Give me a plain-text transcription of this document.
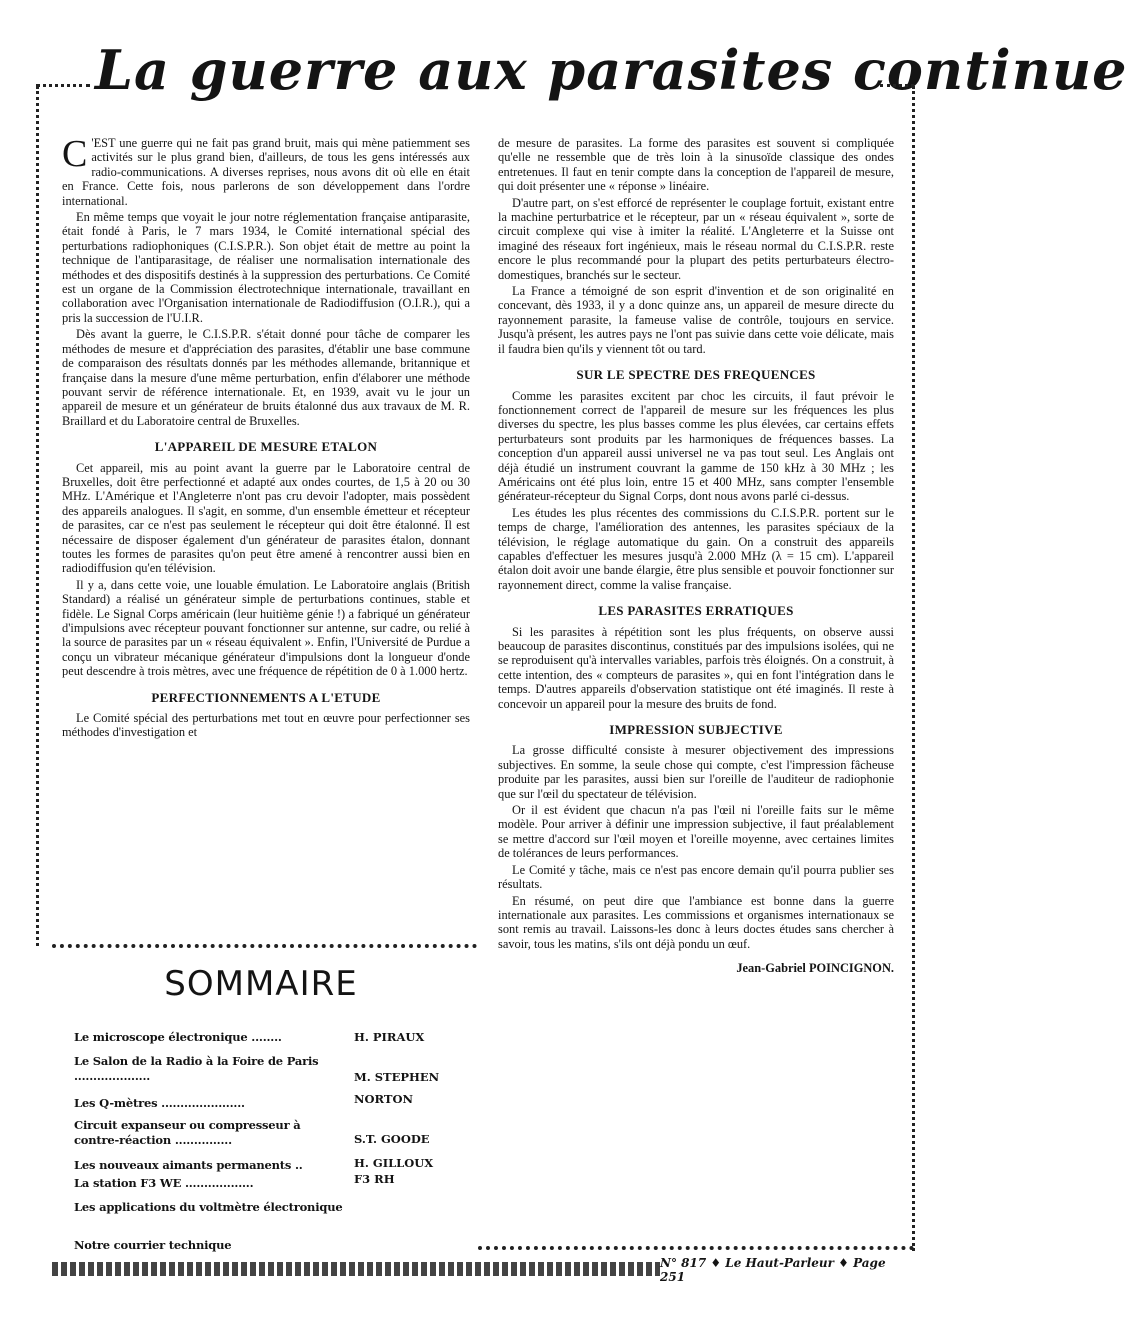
La guerre aux parasites continue

C 'EST une guerre qui ne fait pas grand bruit, mais qui mène patiemment ses activités sur le plus grand bien, d'ailleurs, de tous les gens intéressés aux radio-communications. A diverses reprises, nous avons dit où elle en était en France. Cette fois, nous parlerons de son développement dans l'ordre international.

En même temps que voyait le jour notre réglementation française antiparasite, était fondé à Paris, le 7 mars 1934, le Comité international spécial des perturbations radiophoniques (C.I.S.P.R.). Son objet était de mettre au point la technique de l'antiparasitage, de réaliser une normalisation internationale des méthodes et des dispositifs destinés à la suppression des perturbations. Ce Comité est un organe de la Commission électrotechnique internationale, travaillant en collaboration avec l'Organisation internationale de Radiodiffusion (O.I.R.), qui a pris la succession de l'U.I.R.

Dès avant la guerre, le C.I.S.P.R. s'était donné pour tâche de comparer les méthodes de mesure et d'appréciation des parasites, d'établir une base commune de comparaison des résultats donnés par les méthodes allemande, britannique et française dans la mesure d'une même perturbation, enfin d'élaborer une méthode pouvant servir de référence internationale. Et, en 1939, avait vu le jour un appareil de mesure et un générateur de bruits étalonné dus aux travaux de M. R. Braillard et du Laboratoire central de Bruxelles.

L'APPAREIL DE MESURE ETALON

Cet appareil, mis au point avant la guerre par le Laboratoire central de Bruxelles, doit être perfectionné et adapté aux ondes courtes, de 1,5 à 20 ou 30 MHz. L'Amérique et l'Angleterre n'ont pas cru devoir l'adopter, mais possèdent des appareils analogues. Il s'agit, en somme, d'un ensemble émetteur et récepteur de parasites, car ce n'est pas seulement le récepteur qui doit être étalonné. Il est nécessaire de disposer également d'un générateur de parasites étalon, donnant toutes les formes de parasites qu'on peut être amené à rencontrer aussi bien en radiodiffusion qu'en télévision.

Il y a, dans cette voie, une louable émulation. Le Laboratoire anglais (British Standard) a réalisé un générateur simple de perturbations continues, stable et fidèle. Le Signal Corps américain (leur huitième génie !) a fabriqué un générateur d'impulsions avec récepteur pouvant fonctionner sur antenne, sur cadre, ou relié à la source de parasites par un « réseau équivalent ». Enfin, l'Université de Purdue a conçu un vibrateur mécanique générateur d'impulsions dont la longueur d'onde peut descendre à trois mètres, avec une fréquence de répétition de 0 à 1.000 hertz.

PERFECTIONNEMENTS A L'ETUDE

Le Comité spécial des perturbations met tout en œuvre pour perfectionner ses méthodes d'investigation et

SOMMAIRE
Le microscope électronique ........	H. PIRAUX
Le Salon de la Radio à la Foire de Paris ....................	M. STEPHEN
Les Q-mètres ......................	NORTON
Circuit expanseur ou compresseur à contre-réaction ...............	S.T. GOODE
Les nouveaux aimants permanents ..	H. GILLOUX
La station F3 WE ..................	F3 RH
Les applications du voltmètre électronique
Notre courrier technique

de mesure de parasites. La forme des parasites est souvent si compliquée qu'elle ne ressemble que de très loin à la sinusoïde classique des ondes entretenues. Il faut en tenir compte dans la conception de l'appareil de mesure, qui doit présenter une « réponse » linéaire.

D'autre part, on s'est efforcé de représenter le couplage fortuit, existant entre la machine perturbatrice et le récepteur, par un « réseau équivalent », sorte de circuit complexe qui vise à imiter la réalité. L'Angleterre et la Suisse ont imaginé des réseaux fort ingénieux, mais le réseau normal du C.I.S.P.R. reste encore le plus recommandé pour la plupart des petits perturbateurs électro-domestiques, branchés sur le secteur.

La France a témoigné de son esprit d'invention et de son originalité en concevant, dès 1933, il y a donc quinze ans, un appareil de mesure directe du rayonnement parasite, la fameuse valise de contrôle, toujours en service. Jusqu'à présent, les autres pays ne l'ont pas suivie dans cette voie délicate, mais il faudra bien qu'ils y viennent tôt ou tard.

SUR LE SPECTRE DES FREQUENCES

Comme les parasites excitent par choc les circuits, il faut prévoir le fonctionnement correct de l'appareil de mesure sur les fréquences les plus diverses du spectre, les plus basses comme les plus élevées, car certains effets perturbateurs sont produits par les harmoniques de fréquences basses. La conception d'un appareil aussi universel ne va pas tout seul. Les Anglais ont déjà étudié un instrument couvrant la gamme de 150 kHz à 30 MHz ; les Américains ont été plus loin, entre 15 et 400 MHz, sans compter l'ensemble générateur-récepteur du Signal Corps, dont nous avons parlé ci-dessus.

Les études les plus récentes des commissions du C.I.S.P.R. portent sur le temps de charge, l'amélioration des antennes, les parasites spéciaux de la télévision, le réglage automatique du gain. On a construit des appareils capables d'effectuer les mesures jusqu'à 2.000 MHz (λ = 15 cm). L'appareil étalon doit avoir une bande élargie, être plus sensible et pouvoir fonctionner sur rayonnement direct, comme la valise française.

LES PARASITES ERRATIQUES

Si les parasites à répétition sont les plus fréquents, on observe aussi beaucoup de parasites discontinus, constitués par des impulsions isolées, qui ne se reproduisent qu'à intervalles variables, parfois très éloignés. On a construit, à cette intention, des « compteurs de parasites », qui en font l'intégration dans le temps. D'autres appareils d'observation statistique ont été imaginés. Il reste à concevoir un appareil pour la mesure des bruits de fond.

IMPRESSION SUBJECTIVE

La grosse difficulté consiste à mesurer objectivement des impressions subjectives. En somme, la seule chose qui compte, c'est l'impression fâcheuse produite par les parasites, aussi bien sur l'oreille de l'auditeur de radiophonie que sur l'œil du spectateur de télévision.

Or il est évident que chacun n'a pas l'œil ni l'oreille faits sur le même modèle. Pour arriver à définir une impression subjective, il faut préalablement se mettre d'accord sur l'œil moyen et l'oreille moyenne, avec certaines limites de tolérances de leurs performances.

Le Comité y tâche, mais ce n'est pas encore demain qu'il pourra publier ses résultats.

En résumé, on peut dire que l'ambiance est bonne dans la guerre internationale aux parasites. Les commissions et organismes internationaux se sont remis au travail. Laissons-les donc à leurs doctes études sans chercher à savoir, tous les matins, s'ils ont déjà pondu un œuf.

Jean-Gabriel POINCIGNON.

N° 817 ♦ Le Haut-Parleur ♦ Page 251
